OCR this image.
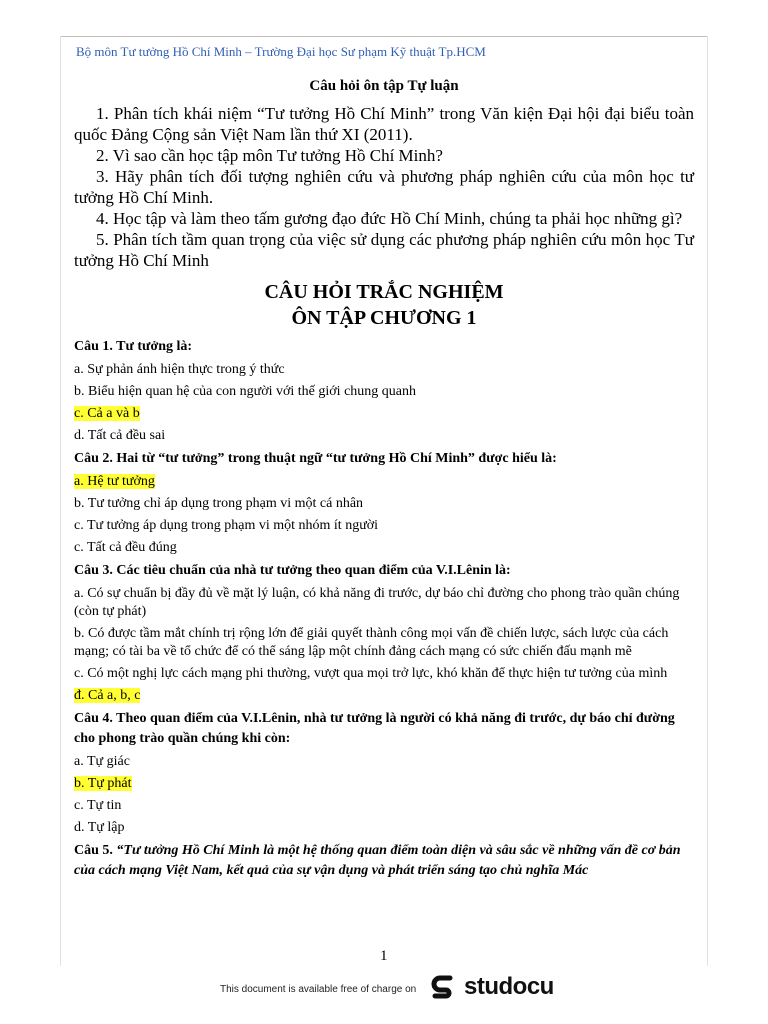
Bộ môn Tư tưởng Hồ Chí Minh – Trường Đại học Sư phạm Kỹ thuật Tp.HCM
Câu hỏi ôn tập Tự luận

1. Phân tích khái niệm “Tư tưởng Hồ Chí Minh” trong Văn kiện Đại hội đại biểu toàn quốc Đảng Cộng sản Việt Nam lần thứ XI (2011).

2. Vì sao cần học tập môn Tư tưởng Hồ Chí Minh?

3. Hãy phân tích đối tượng nghiên cứu và phương pháp nghiên cứu của môn học tư tưởng Hồ Chí Minh.

4. Học tập và làm theo tấm gương đạo đức Hồ Chí Minh, chúng ta phải học những gì?

5. Phân tích tầm quan trọng của việc sử dụng các phương pháp nghiên cứu môn học Tư tưởng Hồ Chí Minh

CÂU HỎI TRẮC NGHIỆM
ÔN TẬP CHƯƠNG 1
Câu 1. Tư tưởng là:
a. Sự phản ánh hiện thực trong ý thức
b. Biểu hiện quan hệ của con người với thế giới chung quanh
c. Cả a và b
d. Tất cả đều sai
Câu 2. Hai từ “tư tưởng” trong thuật ngữ “tư tưởng Hồ Chí Minh” được hiểu là:
a. Hệ tư tưởng
b. Tư tưởng chỉ áp dụng trong phạm vi một cá nhân
c. Tư tưởng áp dụng trong phạm vi một nhóm ít người
c. Tất cả đều đúng
Câu 3. Các tiêu chuẩn của nhà tư tưởng theo quan điểm của V.I.Lênin là:
a. Có sự chuẩn bị đầy đủ về mặt lý luận, có khả năng đi trước, dự báo chỉ đường cho phong trào quần chúng (còn tự phát)
b. Có được tầm mắt chính trị rộng lớn để giải quyết thành công mọi vấn đề chiến lược, sách lược của cách mạng; có tài ba về tổ chức để có thể sáng lập một chính đảng cách mạng có sức chiến đấu mạnh mẽ
c. Có một nghị lực cách mạng phi thường, vượt qua mọi trở lực, khó khăn để thực hiện tư tưởng của mình
đ. Cả a, b, c
Câu 4. Theo quan điểm của V.I.Lênin, nhà tư tưởng là người có khả năng đi trước, dự báo chỉ đường cho phong trào quần chúng khi còn:
a. Tự giác
b. Tự phát
c. Tự tin
d. Tự lập
Câu 5. “Tư tưởng Hồ Chí Minh là một hệ thống quan điểm toàn diện và sâu sắc về những vấn đề cơ bản của cách mạng Việt Nam, kết quả của sự vận dụng và phát triển sáng tạo chủ nghĩa Mác
1
This document is available free of charge on studocu
